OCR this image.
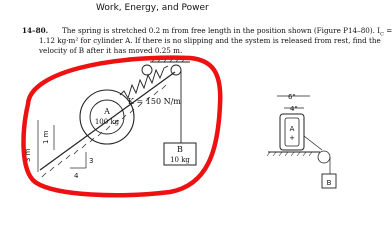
Work, Energy, and Power
14–80. The spring is stretched 0.2 m from free length in the position shown (Figure P14–80). $I_C$ =
1.12 kg·m² for cylinder A. If there is no slipping and the system is released from rest, find the
velocity of B after it has moved 0.25 m.
A
100 kg
K = 150 N/m
B
10 kg
3 m
1 m
3
4
6"
4"
A
+
B
